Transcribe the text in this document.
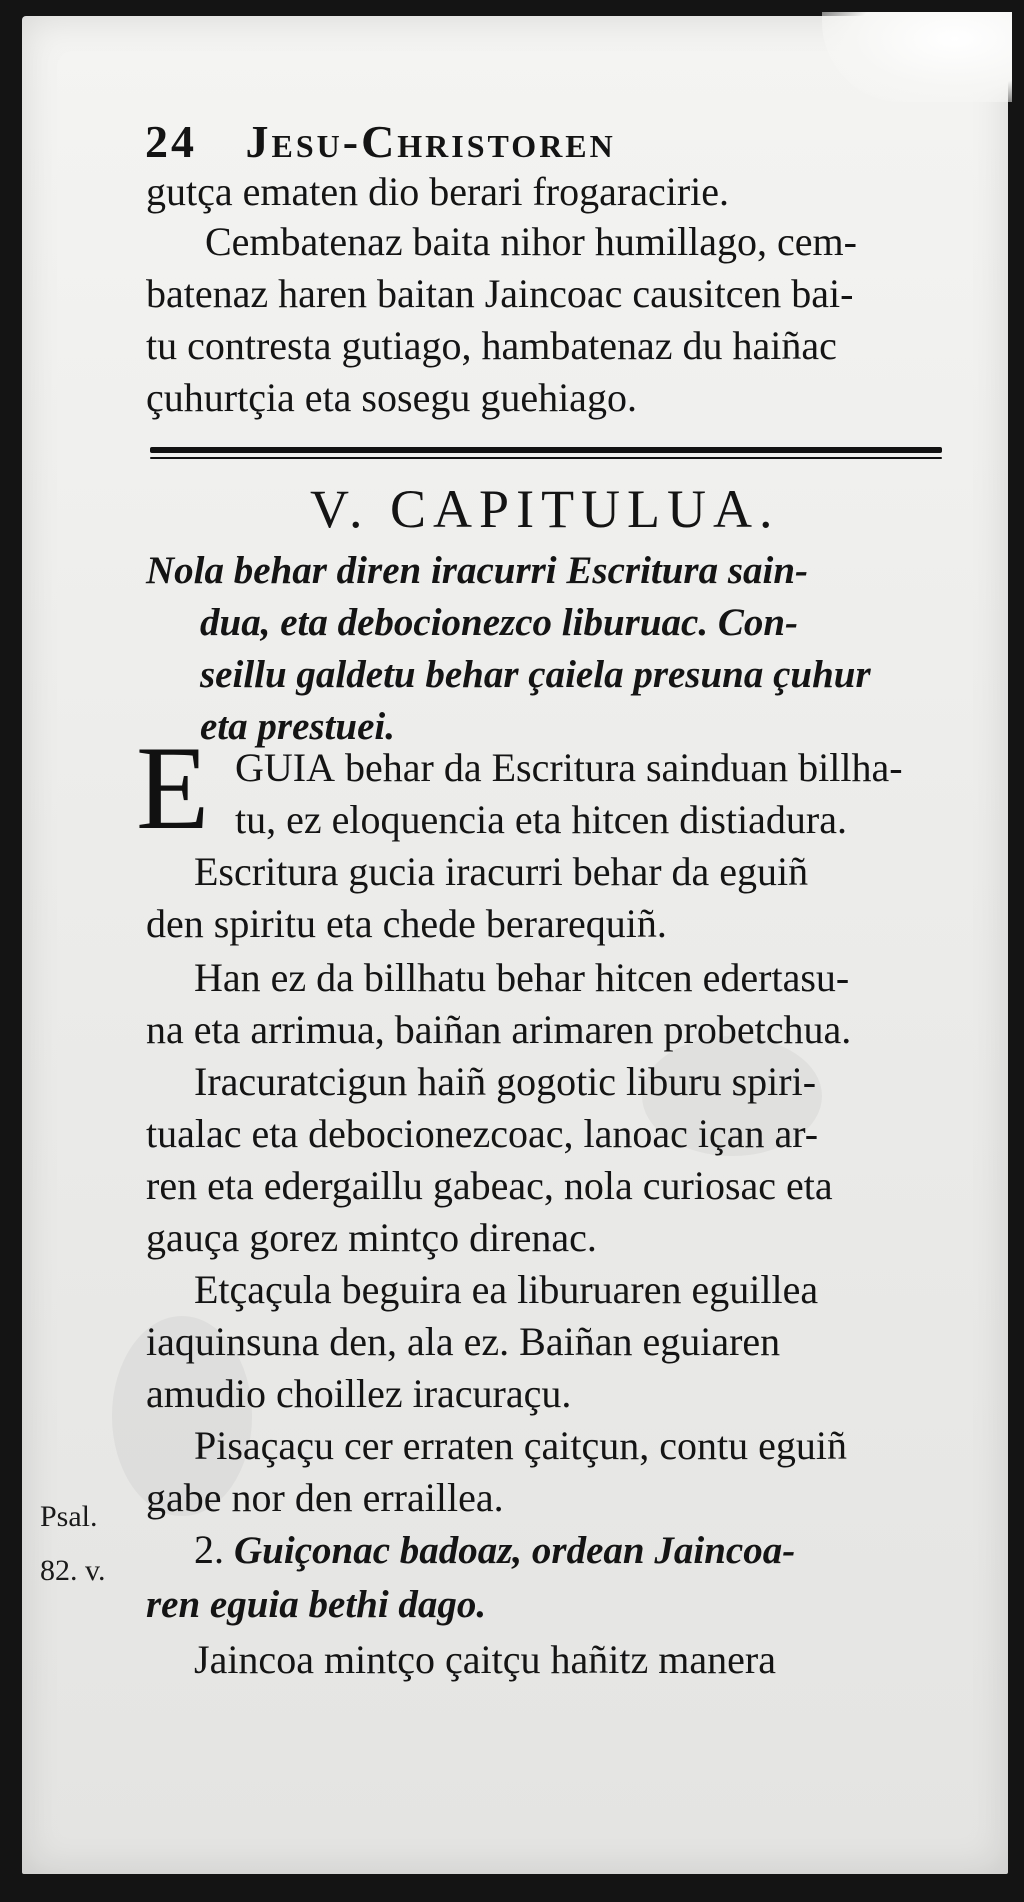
24 Jesu-Christoren
gutça ematen dio berari frogaracirie.
Cembatenaz baita nihor humillago, cem-
batenaz haren baitan Jaincoac causitcen bai-
tu contresta gutiago, hambatenaz du haiñac
çuhurtçia eta sosegu guehiago.
V. CAPITULUA.
Nola behar diren iracurri Escritura sain-
dua, eta debocionezco liburuac. Con-
seillu galdetu behar çaiela presuna çuhur
eta prestuei.
E GUIA behar da Escritura sainduan billha-
tu, ez eloquencia eta hitcen distiadura.
Escritura gucia iracurri behar da eguiñ
den spiritu eta chede berarequiñ.
Han ez da billhatu behar hitcen edertasu-
na eta arrimua, baiñan arimaren probetchua.
Iracuratcigun haiñ gogotic liburu spiri-
tualac eta debocionezcoac, lanoac içan ar-
ren eta edergaillu gabeac, nola curiosac eta
gauça gorez mintço direnac.
Etçaçula beguira ea liburuaren eguillea
iaquinsuna den, ala ez. Baiñan eguiaren
amudio choillez iracuraçu.
Pisaçaçu cer erraten çaitçun, contu eguiñ
gabe nor den erraillea.
Psal.
82. v. 2. Guiçonac badoaz, ordean Jaincoa-
ren eguia bethi dago.
Jaincoa mintço çaitçu hañitz manera
